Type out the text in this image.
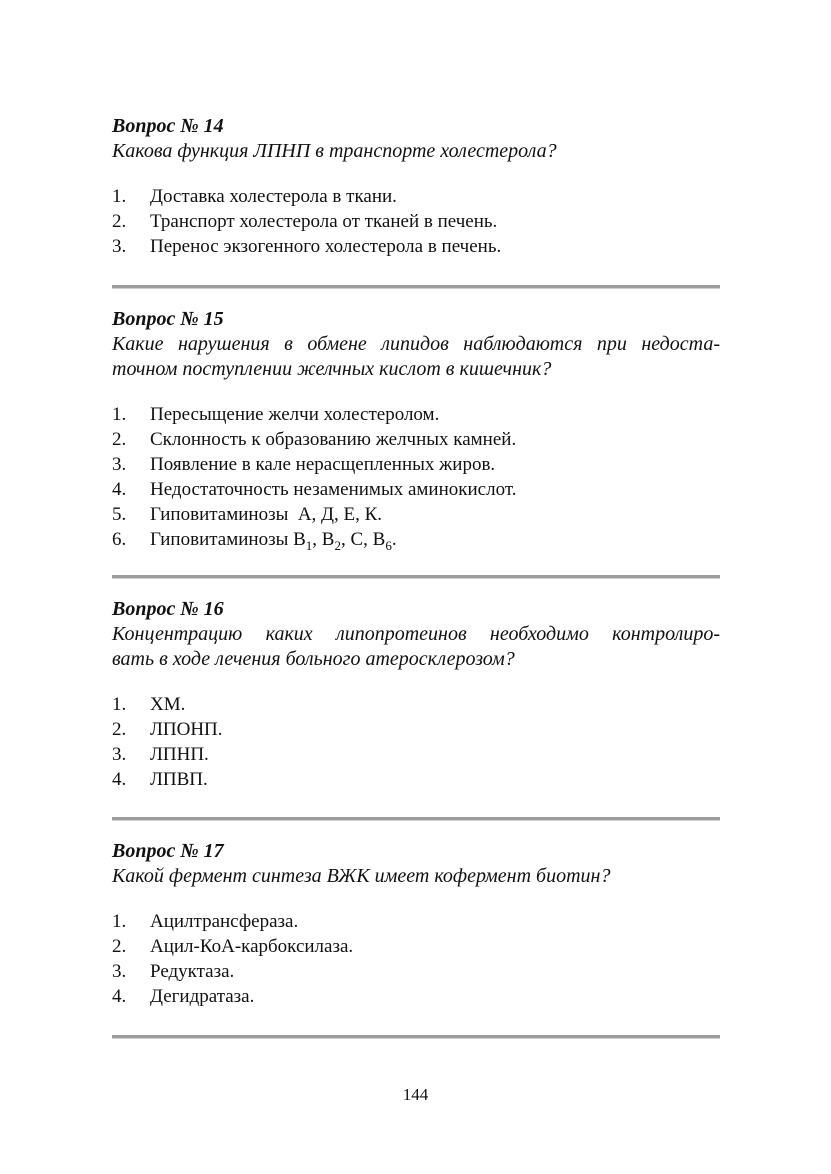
Вопрос № 14
Какова функция ЛПНП в транспорте холестерола?
1.	Доставка холестерола в ткани.
2.	Транспорт холестерола от тканей в печень.
3.	Перенос экзогенного холестерола в печень.
Вопрос № 15
Какие нарушения в обмене липидов наблюдаются при недоста-
точном поступлении желчных кислот в кишечник?
1.	Пересыщение желчи холестеролом.
2.	Склонность к образованию желчных камней.
3.	Появление в кале нерасщепленных жиров.
4.	Недостаточность незаменимых аминокислот.
5.	Гиповитаминозы  А, Д, Е, К.
6.	Гиповитаминозы $В_1$, $В_2$, С, $В_6$.
Вопрос № 16
Концентрацию каких липопротеинов необходимо контролиро-
вать в ходе лечения больного атеросклерозом?
1.	ХМ.
2.	ЛПОНП.
3.	ЛПНП.
4.	ЛПВП.
Вопрос № 17
Какой фермент синтеза ВЖК имеет кофермент биотин?
1.	Ацилтрансфераза.
2.	Ацил-КоА-карбоксилаза.
3.	Редуктаза.
4.	Дегидратаза.
144
